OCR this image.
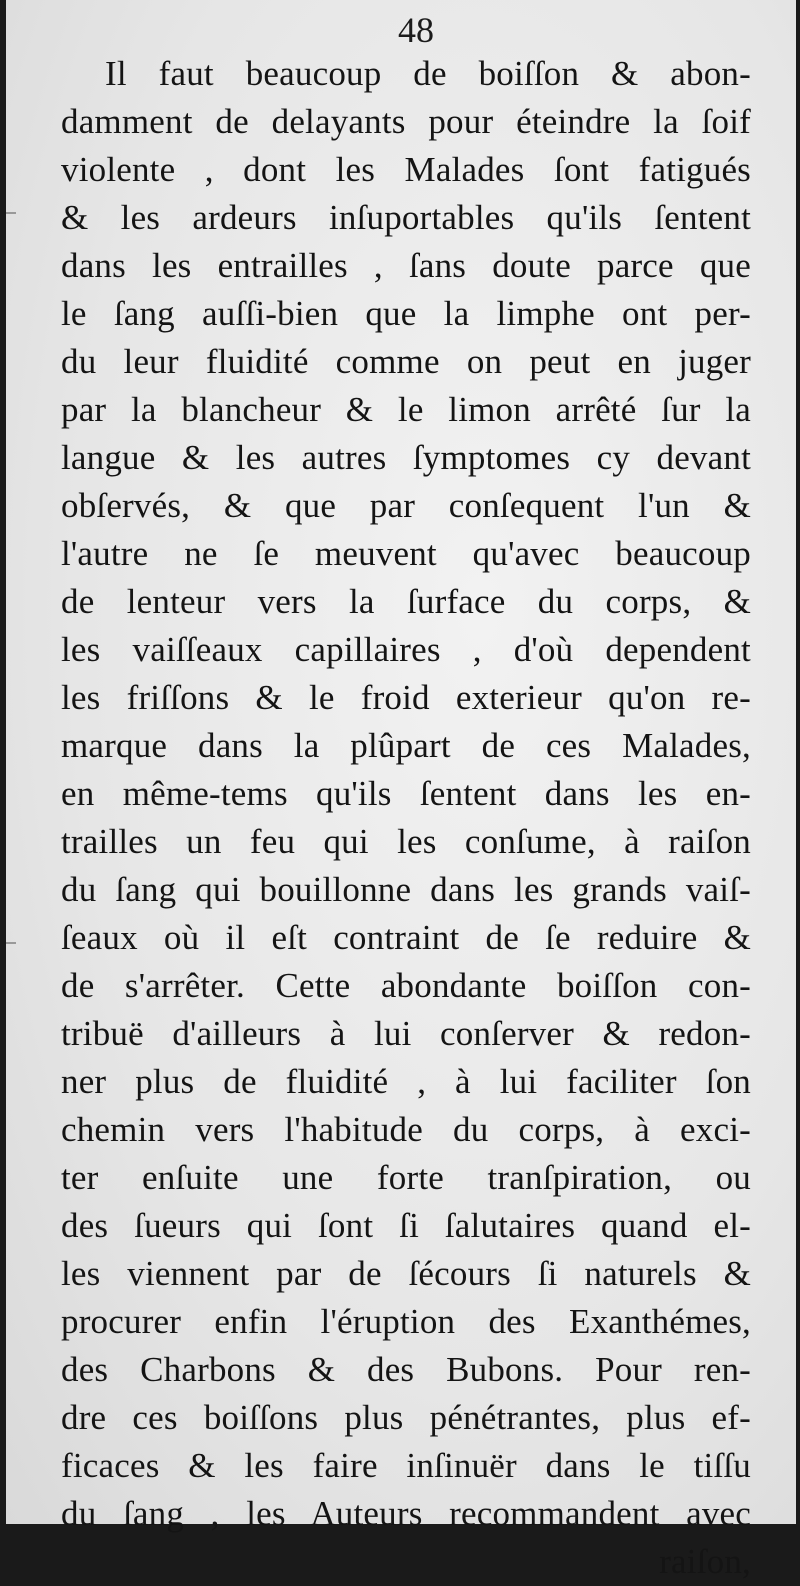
48
Il faut beaucoup de boiſſon & abon-
damment de delayants pour éteindre la ſoif
violente , dont les Malades ſont fatigués
& les ardeurs inſuportables qu'ils ſentent
dans les entrailles , ſans doute parce que
le ſang auſſi-bien que la limphe ont per-
du leur fluidité comme on peut en juger
par la blancheur & le limon arrêté ſur la
langue & les autres ſymptomes cy devant
obſervés, & que par conſequent l'un &
l'autre ne ſe meuvent qu'avec beaucoup
de lenteur vers la ſurface du corps, &
les vaiſſeaux capillaires , d'où dependent
les friſſons & le froid exterieur qu'on re-
marque dans la plûpart de ces Malades,
en même-tems qu'ils ſentent dans les en-
trailles un feu qui les conſume, à raiſon
du ſang qui bouillonne dans les grands vaiſ-
ſeaux où il eſt contraint de ſe reduire &
de s'arrêter. Cette abondante boiſſon con-
tribuë d'ailleurs à lui conſerver & redon-
ner plus de fluidité , à lui faciliter ſon
chemin vers l'habitude du corps, à exci-
ter enſuite une forte tranſpiration, ou
des ſueurs qui ſont ſi ſalutaires quand el-
les viennent par de ſécours ſi naturels &
procurer enfin l'éruption des Exanthémes,
des Charbons & des Bubons. Pour ren-
dre ces boiſſons plus pénétrantes, plus ef-
ficaces & les faire inſinuër dans le tiſſu
du ſang , les Auteurs recommandent avec
raiſon,
